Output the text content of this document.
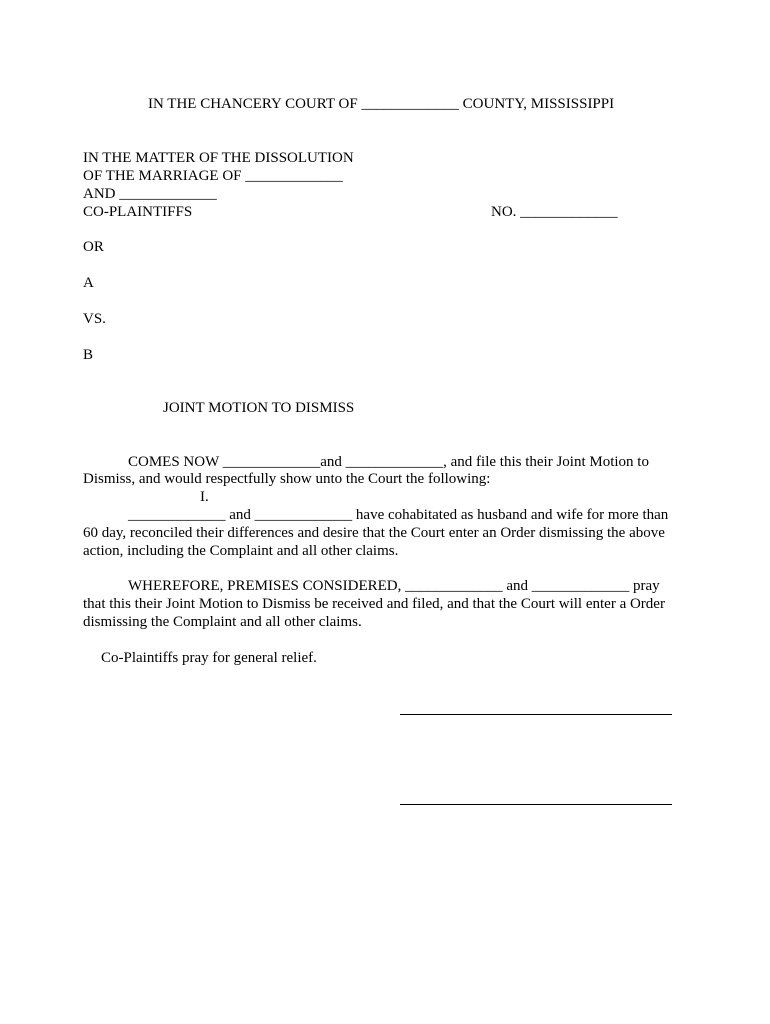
IN THE CHANCERY COURT OF _____________ COUNTY, MISSISSIPPI
IN THE MATTER OF THE DISSOLUTION
OF THE MARRIAGE OF _____________
AND _____________
CO-PLAINTIFFS	NO. _____________
OR
A
VS.
B
JOINT MOTION TO DISMISS
COMES NOW _____________and _____________, and file this their Joint Motion to
Dismiss, and would respectfully show unto the Court the following:
I.
_____________ and _____________ have cohabitated as husband and wife for more than
60 day, reconciled their differences and desire that the Court enter an Order dismissing the above
action, including the Complaint and all other claims.
WHEREFORE, PREMISES CONSIDERED, _____________ and _____________ pray
that this their Joint Motion to Dismiss be received and filed, and that the Court will enter a Order
dismissing the Complaint and all other claims.
Co-Plaintiffs pray for general relief.
